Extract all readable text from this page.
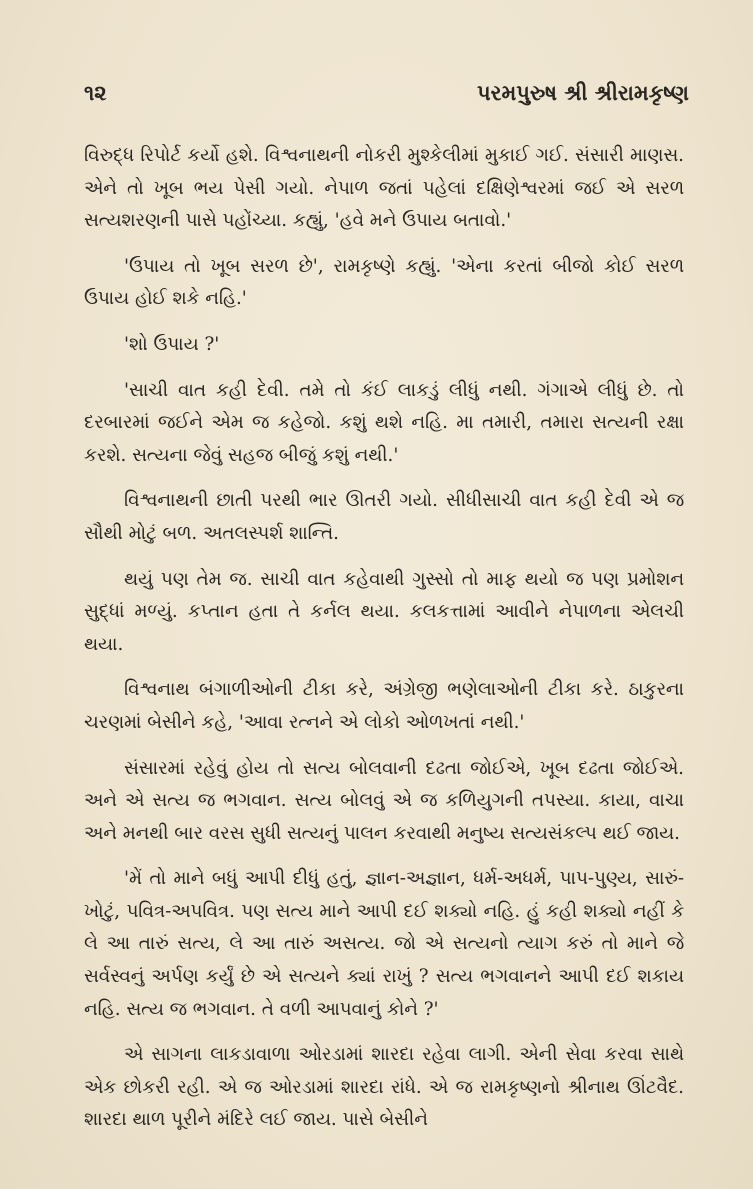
૧૨	પરમપુરુષ શ્રી શ્રીરામકૃષ્ણ

વિરુદ્ધ રિપોર્ટ કર્યો હશે. વિશ્વનાથની નોકરી મુશ્કેલીમાં મુકાઈ ગઈ. સંસારી માણસ. એને તો ખૂબ ભય પેસી ગયો. નેપાળ જતાં પહેલાં દક્ષિણેશ્વરમાં જઈ એ સરળ સત્યશરણની પાસે પહોંચ્યા. કહ્યું, 'હવે મને ઉપાય બતાવો.'

'ઉપાય તો ખૂબ સરળ છે', રામકૃષ્ણે કહ્યું. 'એના કરતાં બીજો કોઈ સરળ ઉપાય હોઈ શકે નહિ.'

'શો ઉપાય ?'

'સાચી વાત કહી દેવી. તમે તો કંઈ લાકડું લીધું નથી. ગંગાએ લીધું છે. તો દરબારમાં જઈને એમ જ કહેજો. કશું થશે નહિ. મા તમારી, તમારા સત્યની રક્ષા કરશે. સત્યના જેવું સહજ બીજું કશું નથી.'

વિશ્વનાથની છાતી પરથી ભાર ઊતરી ગયો. સીધીસાચી વાત કહી દેવી એ જ સૌથી મોટું બળ. અતલસ્પર્શ શાન્તિ.

થયું પણ તેમ જ. સાચી વાત કહેવાથી ગુસ્સો તો માફ થયો જ પણ પ્રમોશન સુદ્ધાં મળ્યું. કપ્તાન હતા તે કર્નલ થયા. કલકત્તામાં આવીને નેપાળના એલચી થયા.

વિશ્વનાથ બંગાળીઓની ટીકા કરે, અંગ્રેજી ભણેલાઓની ટીકા કરે. ઠાકુરના ચરણમાં બેસીને કહે, 'આવા રત્નને એ લોકો ઓળખતાં નથી.'

સંસારમાં રહેવું હોય તો સત્ય બોલવાની દઢતા જોઈએ, ખૂબ દઢતા જોઈએ. અને એ સત્ય જ ભગવાન. સત્ય બોલવું એ જ કળિયુગની તપસ્યા. કાયા, વાચા અને મનથી બાર વરસ સુધી સત્યનું પાલન કરવાથી મનુષ્ય સત્યસંકલ્પ થઈ જાય.

'મેં તો માને બધું આપી દીધું હતું, જ્ઞાન-અજ્ઞાન, ધર્મ-અધર્મ, પાપ-પુણ્ય, સારું-ખોટું, પવિત્ર-અપવિત્ર. પણ સત્ય માને આપી દઈ શક્યો નહિ. હું કહી શક્યો નહીં કે લે આ તારું સત્ય, લે આ તારું અસત્ય. જો એ સત્યનો ત્યાગ કરું તો માને જે સર્વસ્વનું અર્પણ કર્યું છે એ સત્યને ક્યાં રાખું ? સત્ય ભગવાનને આપી દઈ શકાય નહિ. સત્ય જ ભગવાન. તે વળી આપવાનું કોને ?'

એ સાગના લાકડાવાળા ઓરડામાં શારદા રહેવા લાગી. એની સેવા કરવા સાથે એક છોકરી રહી. એ જ ઓરડામાં શારદા રાંધે. એ જ રામકૃષ્ણનો શ્રીનાથ ઊંટવૈદ. શારદા થાળ પૂરીને મંદિરે લઈ જાય. પાસે બેસીને
